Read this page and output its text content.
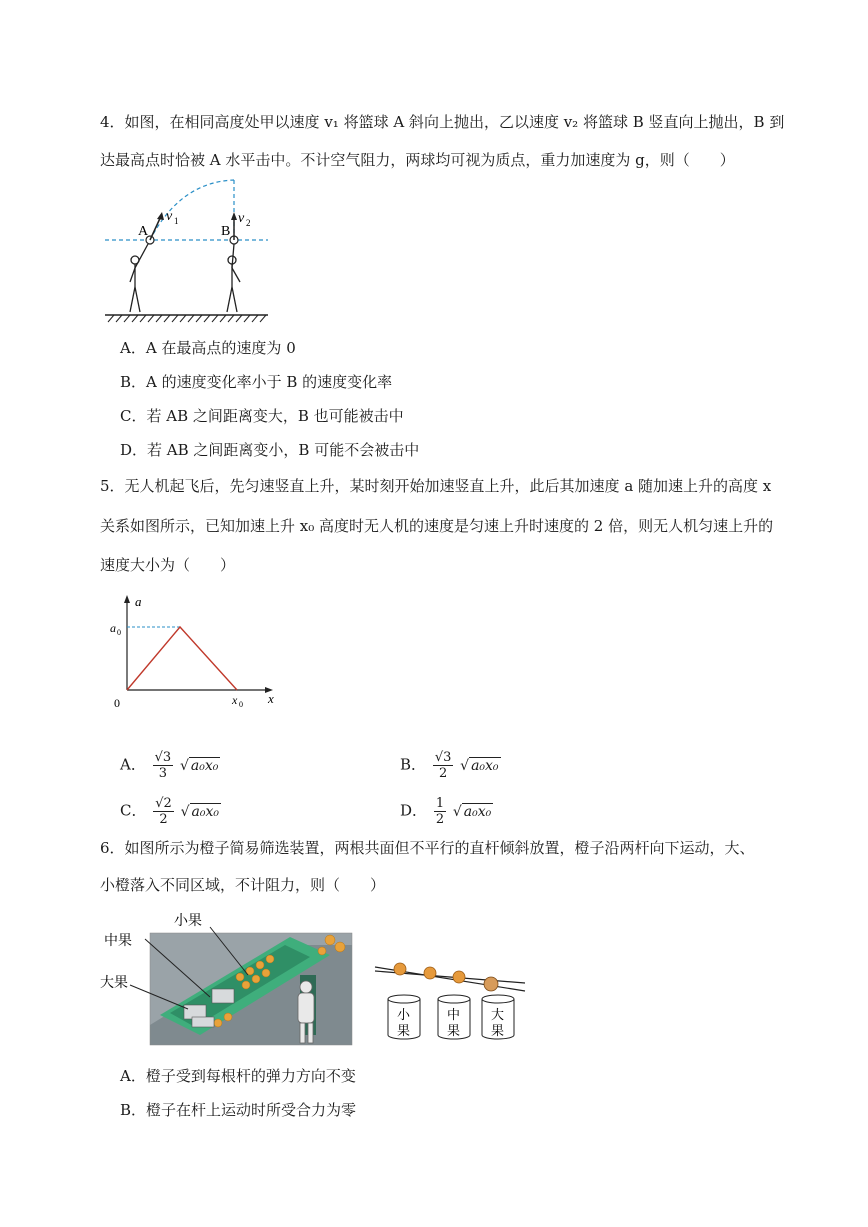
4．如图，在相同高度处甲以速度 v₁ 将篮球 A 斜向上抛出，乙以速度 v₂ 将篮球 B 竖直向上抛出，B 到
达最高点时恰被 A 水平击中。不计空气阻力，两球均可视为质点，重力加速度为 g，则（　　）
A	B
v 1	v 2
A．A 在最高点的速度为 0
B．A 的速度变化率小于 B 的速度变化率
C．若 AB 之间距离变大，B 也可能被击中
D．若 AB 之间距离变小，B 可能不会被击中
5．无人机起飞后，先匀速竖直上升，某时刻开始加速竖直上升，此后其加速度 a 随加速上升的高度 x
关系如图所示，已知加速上升 x₀ 高度时无人机的速度是匀速上升时速度的 2 倍，则无人机匀速上升的
速度大小为（　　）
a
x
a 0
x 0
0
A． $\frac{√3}{3}$ √ a₀x₀	B． $\frac{√3}{2}$ √ a₀x₀
C． $\frac{√2}{2}$ √ a₀x₀	D． $\frac{1}{2}$ √ a₀x₀
6．如图所示为橙子简易筛选装置，两根共面但不平行的直杆倾斜放置，橙子沿两杆向下运动，大、
小橙落入不同区域，不计阻力，则（　　）
小果
中果
大果
小
果
中
果
大
果
A．橙子受到每根杆的弹力方向不变
B．橙子在杆上运动时所受合力为零
